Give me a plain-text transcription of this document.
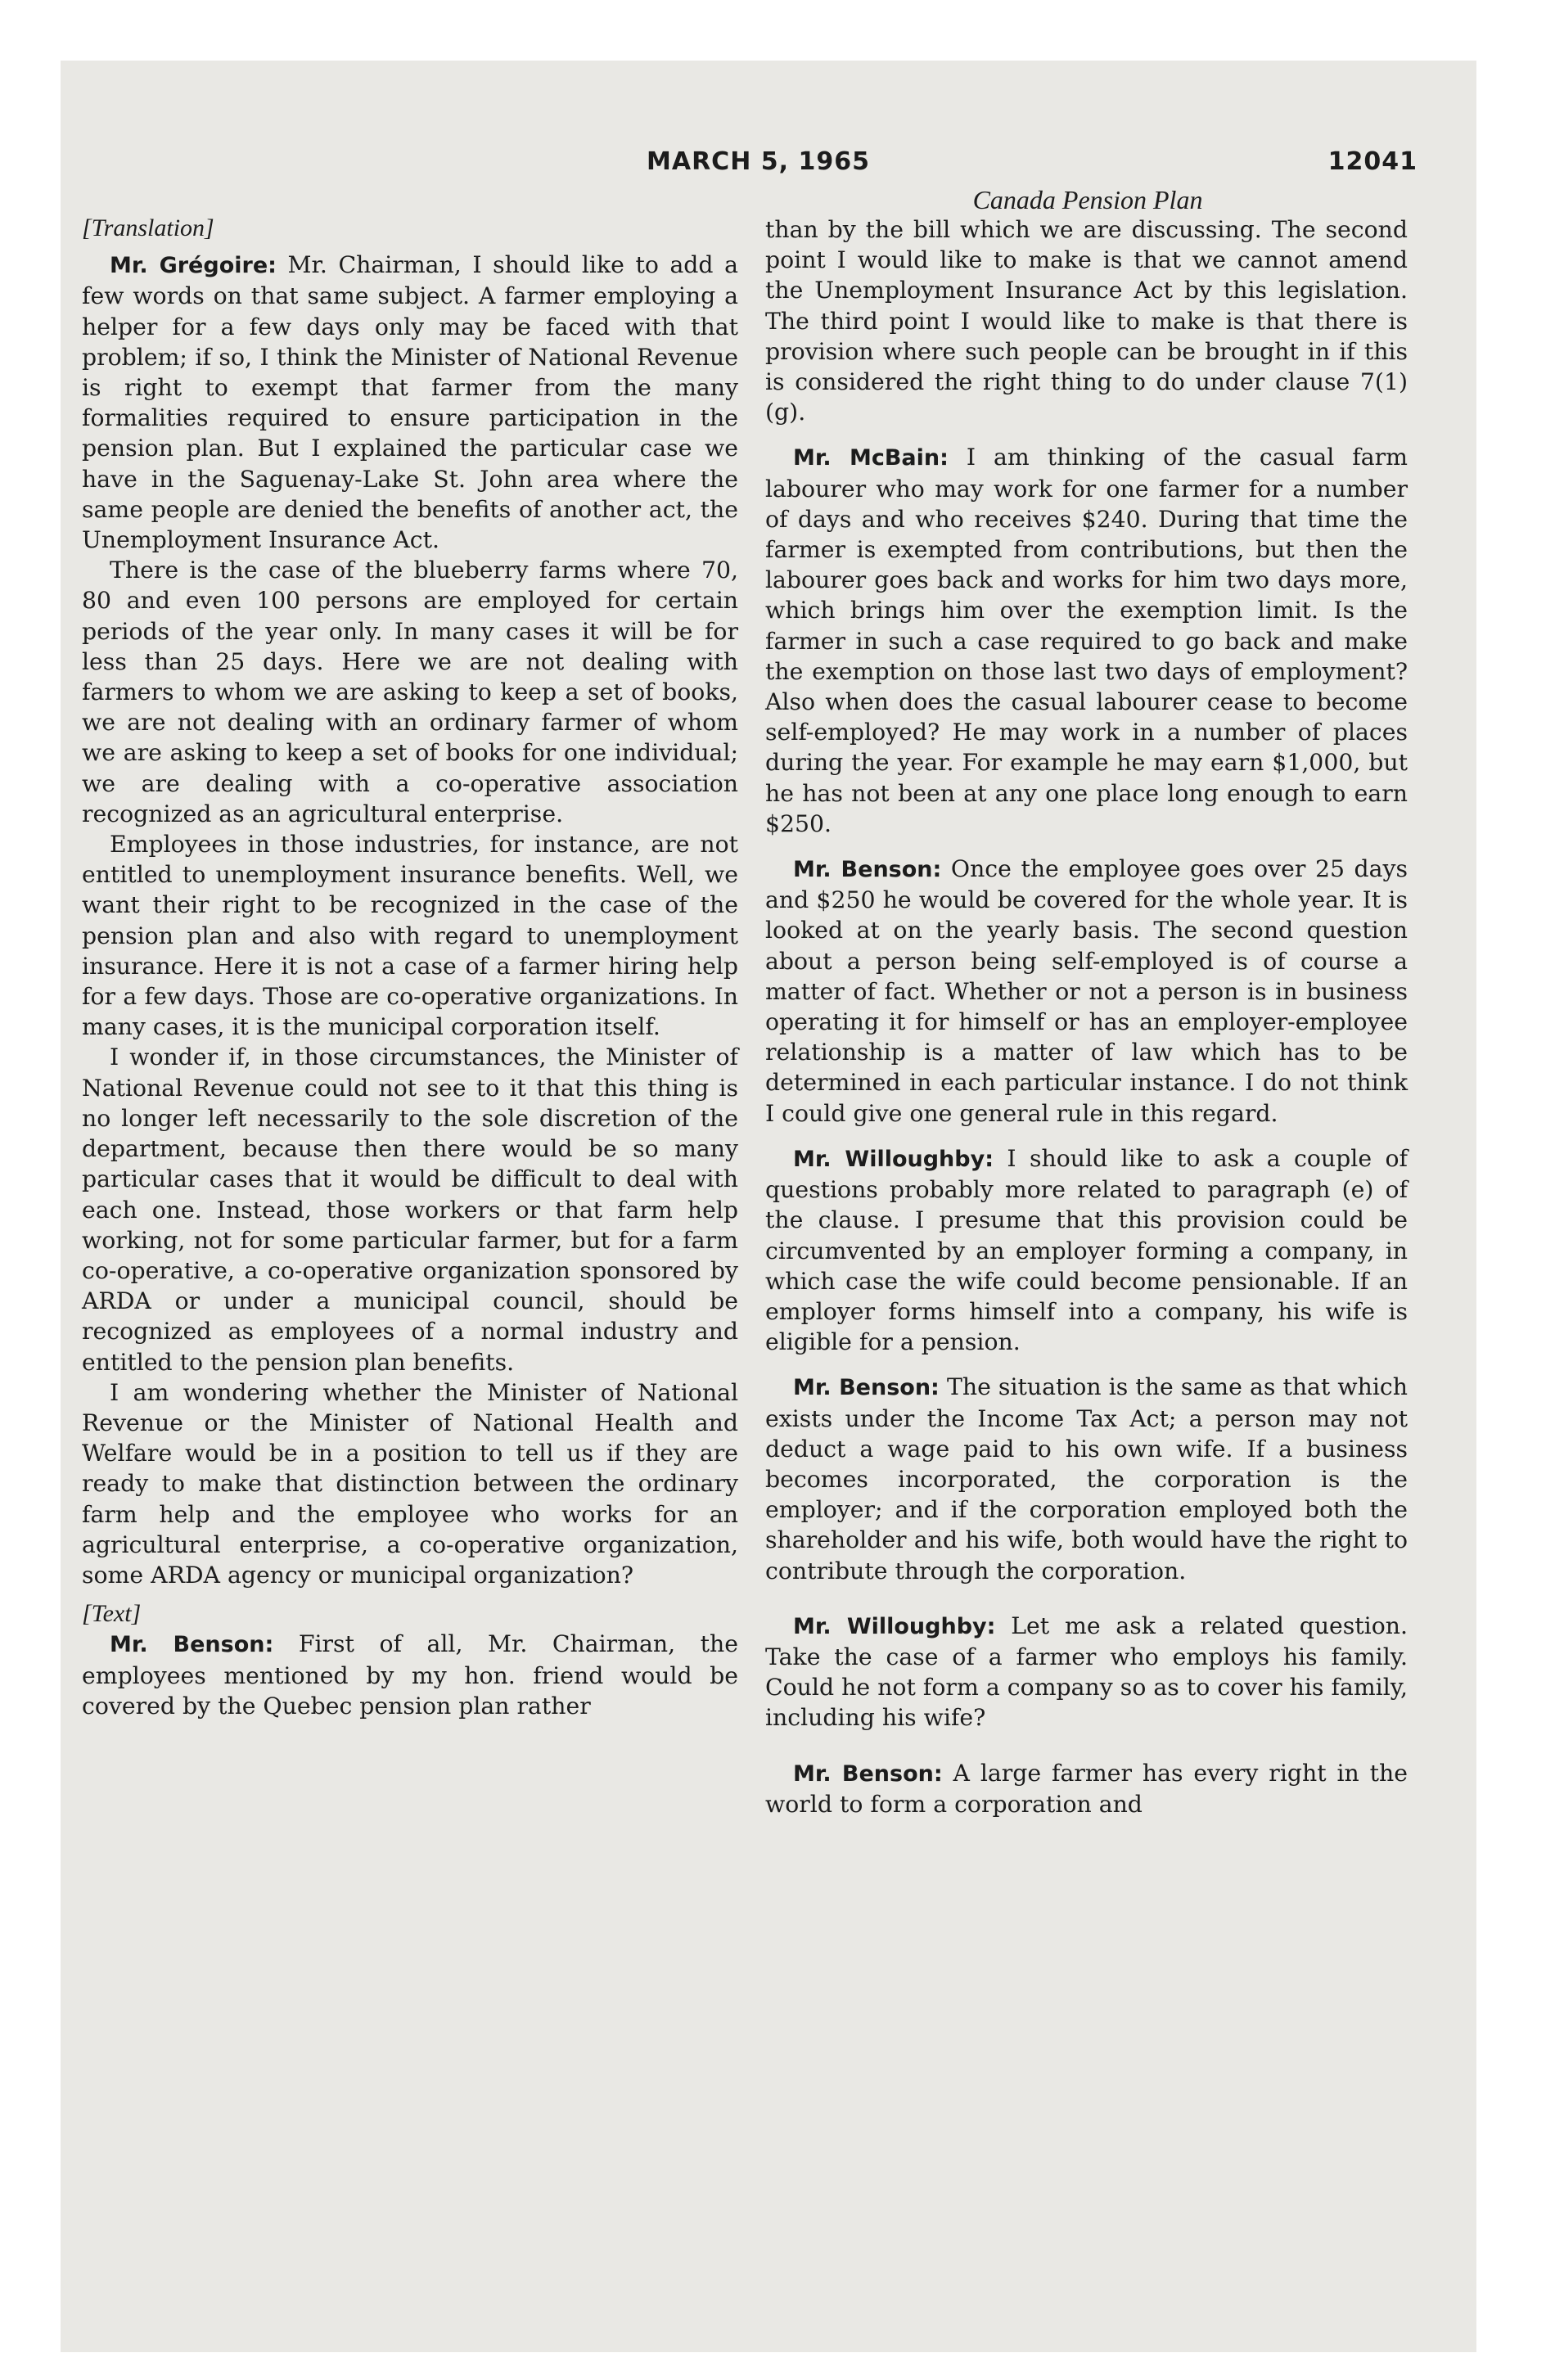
MARCH 5, 1965	12041
Canada Pension Plan

[Translation]

Mr. Grégoire: Mr. Chairman, I should like to add a few words on that same subject. A farmer employing a helper for a few days only may be faced with that problem; if so, I think the Minister of National Revenue is right to exempt that farmer from the many formalities required to ensure participation in the pension plan. But I explained the particular case we have in the Saguenay-Lake St. John area where the same people are denied the benefits of another act, the Unemployment Insurance Act.

There is the case of the blueberry farms where 70, 80 and even 100 persons are employed for certain periods of the year only. In many cases it will be for less than 25 days. Here we are not dealing with farmers to whom we are asking to keep a set of books, we are not dealing with an ordinary farmer of whom we are asking to keep a set of books for one individual; we are dealing with a co-operative association recognized as an agricultural enterprise.

Employees in those industries, for instance, are not entitled to unemployment insurance benefits. Well, we want their right to be recognized in the case of the pension plan and also with regard to unemployment insurance. Here it is not a case of a farmer hiring help for a few days. Those are co-operative organizations. In many cases, it is the municipal corporation itself.

I wonder if, in those circumstances, the Minister of National Revenue could not see to it that this thing is no longer left necessarily to the sole discretion of the department, because then there would be so many particular cases that it would be difficult to deal with each one. Instead, those workers or that farm help working, not for some particular farmer, but for a farm co-operative, a co-operative organization sponsored by ARDA or under a municipal council, should be recognized as employees of a normal industry and entitled to the pension plan benefits.

I am wondering whether the Minister of National Revenue or the Minister of National Health and Welfare would be in a position to tell us if they are ready to make that distinction between the ordinary farm help and the employee who works for an agricultural enterprise, a co-operative organization, some ARDA agency or municipal organization?

[Text]

Mr. Benson: First of all, Mr. Chairman, the employees mentioned by my hon. friend would be covered by the Quebec pension plan rather

than by the bill which we are discussing. The second point I would like to make is that we cannot amend the Unemployment Insurance Act by this legislation. The third point I would like to make is that there is provision where such people can be brought in if this is considered the right thing to do under clause 7(1)(g).

Mr. McBain: I am thinking of the casual farm labourer who may work for one farmer for a number of days and who receives $240. During that time the farmer is exempted from contributions, but then the labourer goes back and works for him two days more, which brings him over the exemption limit. Is the farmer in such a case required to go back and make the exemption on those last two days of employment? Also when does the casual labourer cease to become self-employed? He may work in a number of places during the year. For example he may earn $1,000, but he has not been at any one place long enough to earn $250.

Mr. Benson: Once the employee goes over 25 days and $250 he would be covered for the whole year. It is looked at on the yearly basis. The second question about a person being self-employed is of course a matter of fact. Whether or not a person is in business operating it for himself or has an employer-employee relationship is a matter of law which has to be determined in each particular instance. I do not think I could give one general rule in this regard.

Mr. Willoughby: I should like to ask a couple of questions probably more related to paragraph (e) of the clause. I presume that this provision could be circumvented by an employer forming a company, in which case the wife could become pensionable. If an employer forms himself into a company, his wife is eligible for a pension.

Mr. Benson: The situation is the same as that which exists under the Income Tax Act; a person may not deduct a wage paid to his own wife. If a business becomes incorporated, the corporation is the employer; and if the corporation employed both the shareholder and his wife, both would have the right to contribute through the corporation.

Mr. Willoughby: Let me ask a related question. Take the case of a farmer who employs his family. Could he not form a company so as to cover his family, including his wife?

Mr. Benson: A large farmer has every right in the world to form a corporation and
